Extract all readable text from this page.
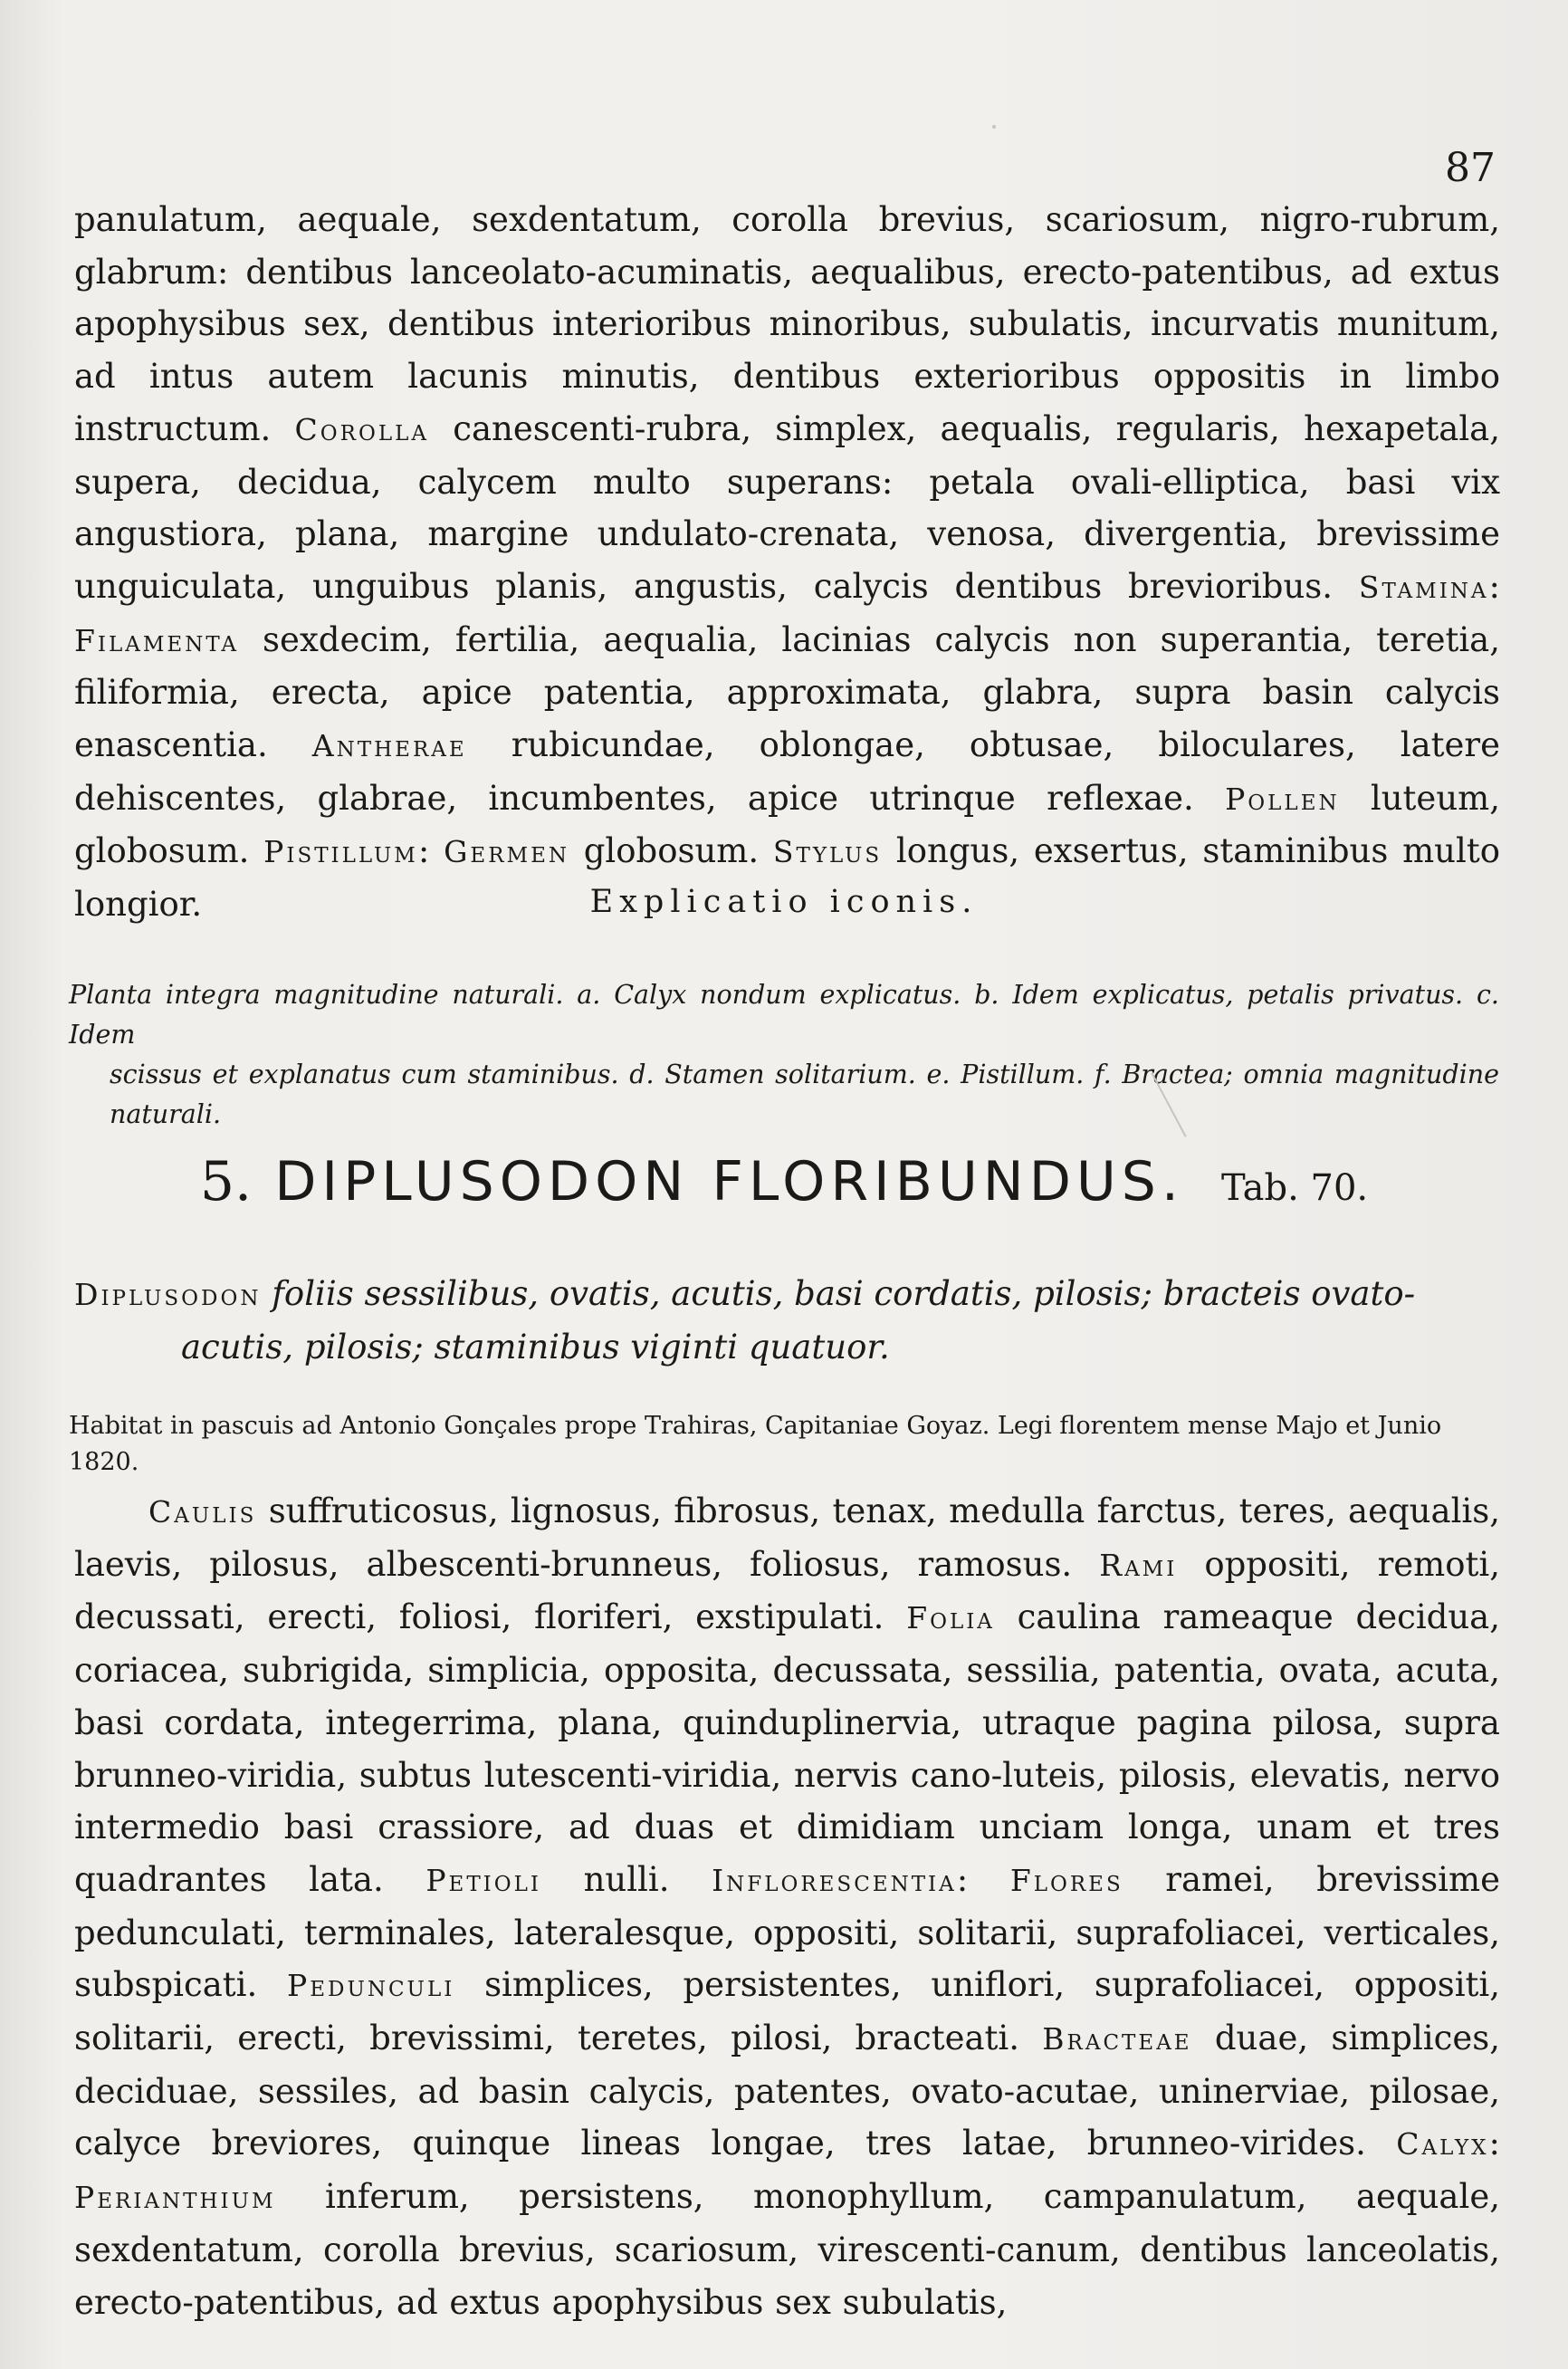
87
panulatum, aequale, sexdentatum, corolla brevius, scariosum, nigro-rubrum, glabrum: dentibus lanceolato-acuminatis, aequalibus, erecto-patentibus, ad extus apophysibus sex, dentibus interioribus minoribus, subulatis, incurvatis munitum, ad intus autem lacunis minutis, dentibus exterioribus oppositis in limbo instructum. Corolla canescenti-rubra, simplex, aequalis, regularis, hexapetala, supera, decidua, calycem multo superans: petala ovali-elliptica, basi vix angustiora, plana, margine undulato-crenata, venosa, divergentia, brevissime unguiculata, unguibus planis, angustis, calycis dentibus brevioribus. Stamina: Filamenta sexdecim, fertilia, aequalia, lacinias calycis non superantia, teretia, filiformia, erecta, apice patentia, approximata, glabra, supra basin calycis enascentia. Antherae rubicundae, oblongae, obtusae, biloculares, latere dehiscentes, glabrae, incumbentes, apice utrinque reflexae. Pollen luteum, globosum. Pistillum: Germen globosum. Stylus longus, exsertus, staminibus multo longior.	Explicatio iconis.
Planta integra magnitudine naturali. a. Calyx nondum explicatus. b. Idem explicatus, petalis privatus. c. Idem
scissus et explanatus cum staminibus. d. Stamen solitarium. e. Pistillum. f. Bractea; omnia magnitudine naturali.
5. DIPLUSODON FLORIBUNDUS. Tab. 70.
Diplusodon foliis sessilibus, ovatis, acutis, basi cordatis, pilosis; bracteis ovato-
acutis, pilosis; staminibus viginti quatuor.
Habitat in pascuis ad Antonio Gonçales prope Trahiras, Capitaniae Goyaz. Legi florentem mense Majo et Junio 1820.
Caulis suffruticosus, lignosus, fibrosus, tenax, medulla farctus, teres, aequalis, laevis, pilosus, albescenti-brunneus, foliosus, ramosus. Rami oppositi, remoti, decussati, erecti, foliosi, floriferi, exstipulati. Folia caulina rameaque decidua, coriacea, subrigida, simplicia, opposita, decussata, sessilia, patentia, ovata, acuta, basi cordata, integerrima, plana, quinduplinervia, utraque pagina pilosa, supra brunneo-viridia, subtus lutescenti-viridia, nervis cano-luteis, pilosis, elevatis, nervo intermedio basi crassiore, ad duas et dimidiam unciam longa, unam et tres quadrantes lata. Petioli nulli. Inflorescentia: Flores ramei, brevissime pedunculati, terminales, lateralesque, oppositi, solitarii, suprafoliacei, verticales, subspicati. Pedunculi simplices, persistentes, uniflori, suprafoliacei, oppositi, solitarii, erecti, brevissimi, teretes, pilosi, bracteati. Bracteae duae, simplices, deciduae, sessiles, ad basin calycis, patentes, ovato-acutae, uninerviae, pilosae, calyce breviores, quinque lineas longae, tres latae, brunneo-virides. Calyx: Perianthium inferum, persistens, monophyllum, campanulatum, aequale, sexdentatum, corolla brevius, scariosum, virescenti-canum, dentibus lanceolatis, erecto-patentibus, ad extus apophysibus sex subulatis,
